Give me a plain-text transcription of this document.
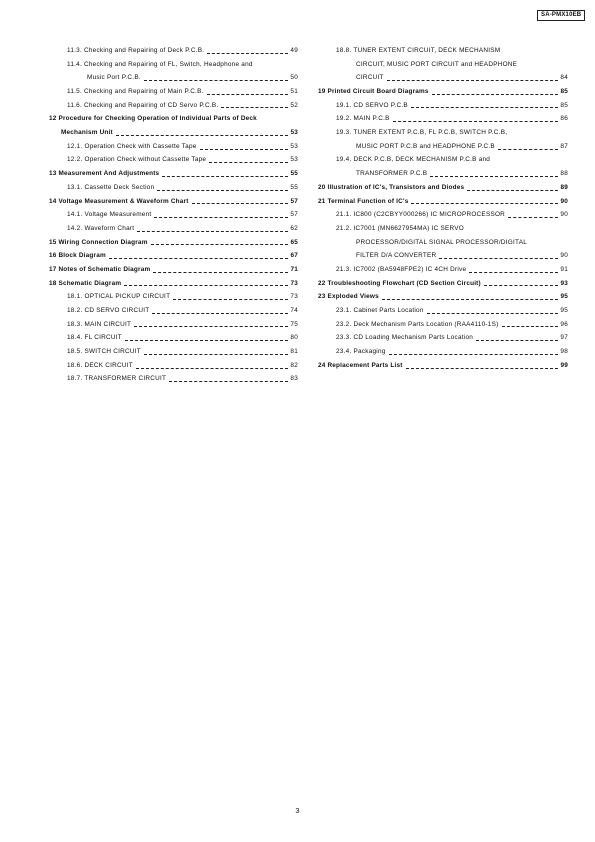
SA-PMX10EB
11.3. Checking and Repairing of Deck P.C.B.	49
11.4. Checking and Repairing of FL, Switch, Headphone and
Music Port P.C.B.	50
11.5. Checking and Repairing of Main P.C.B.	51
11.6. Checking and Repairing of CD Servo P.C.B.	52
12 Procedure for Checking Operation of Individual Parts of Deck
Mechanism Unit	53
12.1. Operation Check with Cassette Tape	53
12.2. Operation Check without Cassette Tape	53
13 Measurement And Adjustments	55
13.1. Cassette Deck Section	55
14 Voltage Measurement & Waveform Chart	57
14.1. Voltage Measurement	57
14.2. Waveform Chart	62
15 Wiring Connection Diagram	65
16 Block Diagram	67
17 Notes of Schematic Diagram	71
18 Schematic Diagram	73
18.1. OPTICAL PICKUP CIRCUIT	73
18.2. CD SERVO CIRCUIT	74
18.3. MAIN CIRCUIT	75
18.4. FL CIRCUIT	80
18.5. SWITCH CIRCUIT	81
18.6. DECK CIRCUIT	82
18.7. TRANSFORMER CIRCUIT	83
18.8. TUNER EXTENT CIRCUIT, DECK MECHANISM
CIRCUIT, MUSIC PORT CIRCUIT and HEADPHONE
CIRCUIT	84
19 Printed Circuit Board Diagrams	85
19.1. CD SERVO P.C.B	85
19.2. MAIN P.C.B	86
19.3. TUNER EXTENT P.C.B, FL P.C.B, SWITCH P.C.B,
MUSIC PORT P.C.B and HEADPHONE P.C.B	87
19.4. DECK P.C.B, DECK MECHANISM P.C.B and
TRANSFORMER P.C.B	88
20 Illustration of IC's, Transistors and Diodes	89
21 Terminal Function of IC's	90
21.1. IC800 (C2CBYY000266) IC MICROPROCESSOR	90
21.2. IC7001 (MN6627954MA) IC SERVO
PROCESSOR/DIGITAL SIGNAL PROCESSOR/DIGITAL
FILTER D/A CONVERTER	90
21.3. IC7002 (BA5948FPE2) IC 4CH Drive	91
22 Troubleshooting Flowchart (CD Section Circuit)	93
23 Exploded Views	95
23.1. Cabinet Parts Location	95
23.2. Deck Mechanism Parts Location (RAA4110-1S)	96
23.3. CD Loading Mechanism Parts Location	97
23.4. Packaging	98
24 Replacement Parts List	99
3
